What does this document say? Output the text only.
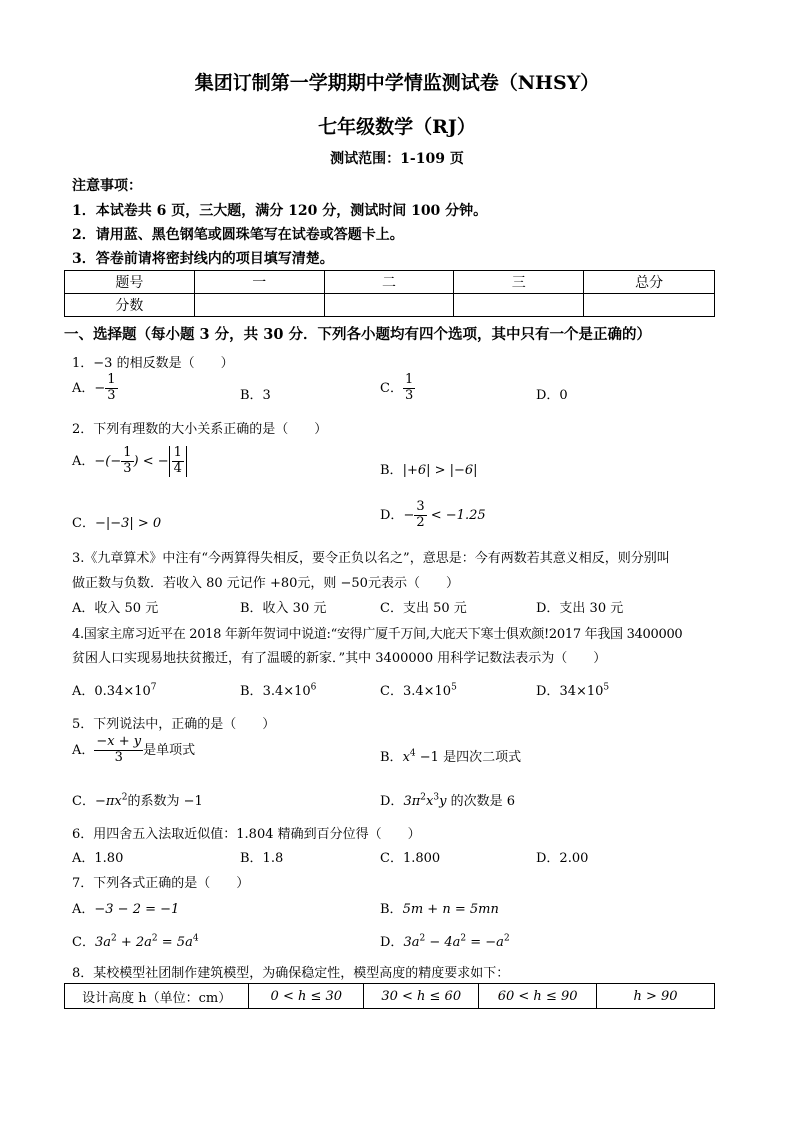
集团订制第一学期期中学情监测试卷（NHSY）
七年级数学（RJ）
测试范围：1-109 页
注意事项：
1．本试卷共 6 页，三大题，满分 120 分，测试时间 100 分钟。
2．请用蓝、黑色钢笔或圆珠笔写在试卷或答题卡上。
3．答卷前请将密封线内的项目填写清楚。
题号	一	二	三	总分
分数				
一、选择题（每小题 3 分，共 30 分．下列各小题均有四个选项，其中只有一个是正确的）
1．−3 的相反数是（　　）
A．− $\frac{1}{3}$	B．3	C． $\frac{1}{3}$	D．0
2．下列有理数的大小关系正确的是（　　）
A．−(− $\frac{1}{3}$ ) < − $\frac{1}{4}$	B．|+6| > |−6|
C．−|−3| > 0
D．− $\frac{3}{2} < -1.25$
3.《九章算术》中注有“今两算得失相反，要令正负以名之”，意思是：今有两数若其意义相反，则分别叫
做正数与负数．若收入 80 元记作 +80元，则 −50元表示（　　）
A．收入 50 元	B．收入 30 元	C．支出 50 元	D．支出 30 元
4.国家主席习近平在 2018 年新年贺词中说道:“安得广厦千万间,大庇天下寒士俱欢颜!2017 年我国 3400000
贫困人口实现易地扶贫搬迁，有了温暖的新家．”其中 3400000 用科学记数法表示为（　　）
A．$0.34\times 10^7$	B．$3.4\times 10^6$	C．$3.4\times 10^5$	D．$34\times 10^5$
5．下列说法中，正确的是（　　）
A． $\frac{-x + y}{3}$ 是单项式	B．$x^4 -1$ 是四次二项式
C．$-\pi x^2$的系数为 −1	D．$3\pi^2x^3y$ 的次数是 6
6．用四舍五入法取近似值：1.804 精确到百分位得（　　）
A．1.80	B．1.8	C．1.800	D．2.00
7．下列各式正确的是（　　）
A．−3 − 2 = −1	B．5m + n = 5mn
C．$3a^2 + 2a^2 = 5a^4$	D．$3a^2 - 4a^2 = -a^2$
8．某校模型社团制作建筑模型，为确保稳定性，模型高度的精度要求如下：
设计高度 h（单位：cm）	0 < h ≤ 30	30 < h ≤ 60	60 < h ≤ 90	h > 90
